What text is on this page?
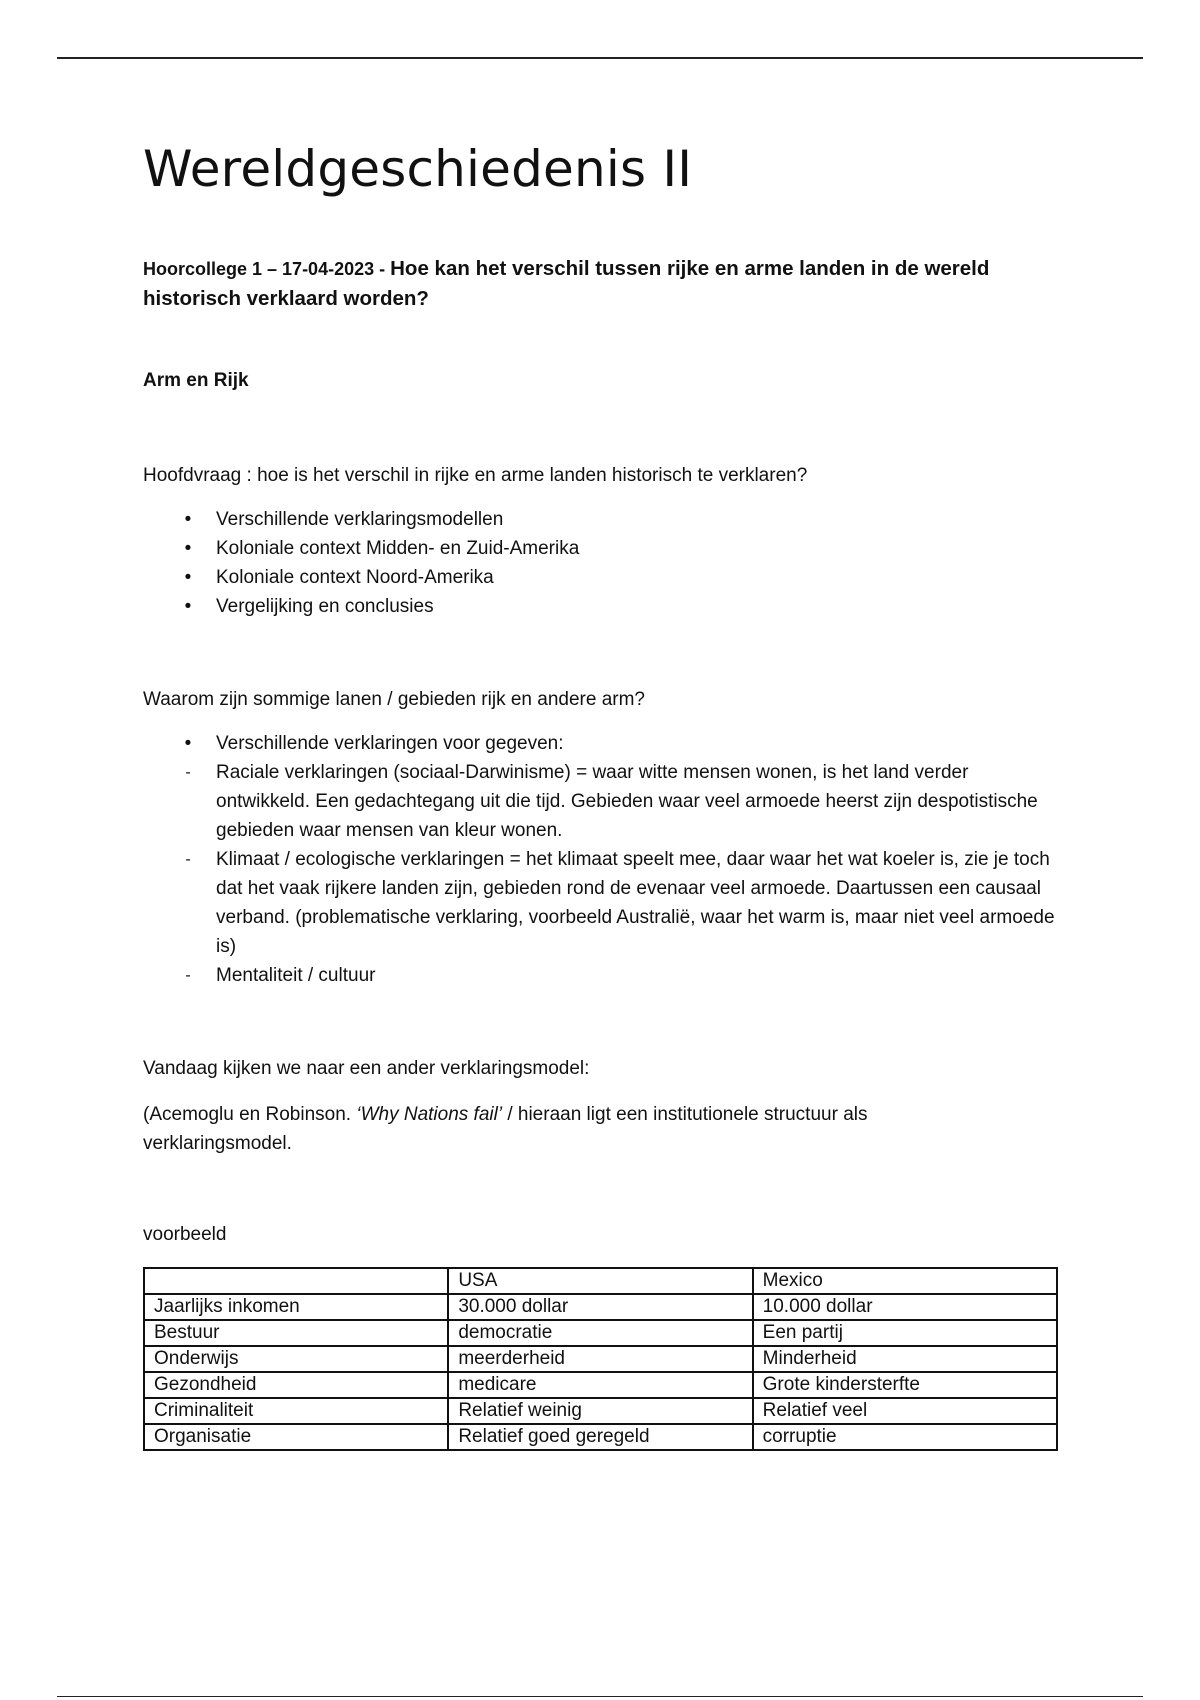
Wereldgeschiedenis II

Hoorcollege 1 – 17-04-2023 - Hoe kan het verschil tussen rijke en arme landen in de wereld historisch verklaard worden?

Arm en Rijk

Hoofdvraag : hoe is het verschil in rijke en arme landen historisch te verklaren?

•	Verschillende verklaringsmodellen
•	Koloniale context Midden- en Zuid-Amerika
•	Koloniale context Noord-Amerika
•	Vergelijking en conclusies

Waarom zijn sommige lanen / gebieden rijk en andere arm?

•	Verschillende verklaringen voor gegeven:
-	Raciale verklaringen (sociaal-Darwinisme) = waar witte mensen wonen, is het land verder ontwikkeld. Een gedachtegang uit die tijd. Gebieden waar veel armoede heerst zijn despotistische gebieden waar mensen van kleur wonen.
-	Klimaat / ecologische verklaringen = het klimaat speelt mee, daar waar het wat koeler is, zie je toch dat het vaak rijkere landen zijn, gebieden rond de evenaar veel armoede. Daartussen een causaal verband. (problematische verklaring, voorbeeld Australië, waar het warm is, maar niet veel armoede is)
-	Mentaliteit / cultuur

Vandaag kijken we naar een ander verklaringsmodel:

(Acemoglu en Robinson. ‘Why Nations fail’ / hieraan ligt een institutionele structuur als verklaringsmodel.

voorbeeld

	USA	Mexico
Jaarlijks inkomen	30.000 dollar	10.000 dollar
Bestuur	democratie	Een partij
Onderwijs	meerderheid	Minderheid
Gezondheid	medicare	Grote kindersterfte
Criminaliteit	Relatief weinig	Relatief veel
Organisatie	Relatief goed geregeld	corruptie
